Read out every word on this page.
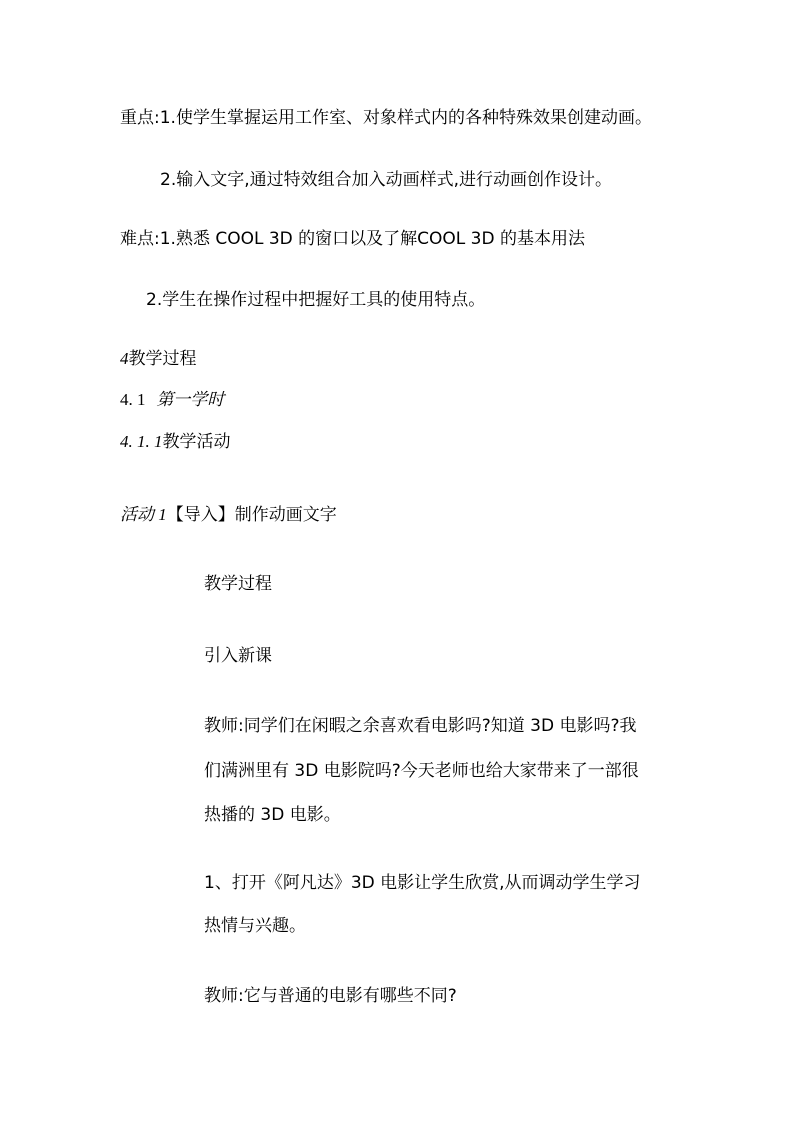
重点:1.使学生掌握运用工作室、对象样式内的各种特殊效果创建动画。
2.输入文字,通过特效组合加入动画样式,进行动画创作设计。
难点:1.熟悉 COOL 3D 的窗口以及了解COOL 3D 的基本用法
2.学生在操作过程中把握好工具的使用特点。
4教学过程
4. 1 第一学时
4. 1. 1教学活动
活动 1【导入】制作动画文字
教学过程
引入新课
教师:同学们在闲暇之余喜欢看电影吗?知道 3D 电影吗?我
们满洲里有 3D 电影院吗?今天老师也给大家带来了一部很
热播的 3D 电影。
1、打开《阿凡达》3D 电影让学生欣赏,从而调动学生学习
热情与兴趣。
教师:它与普通的电影有哪些不同?
